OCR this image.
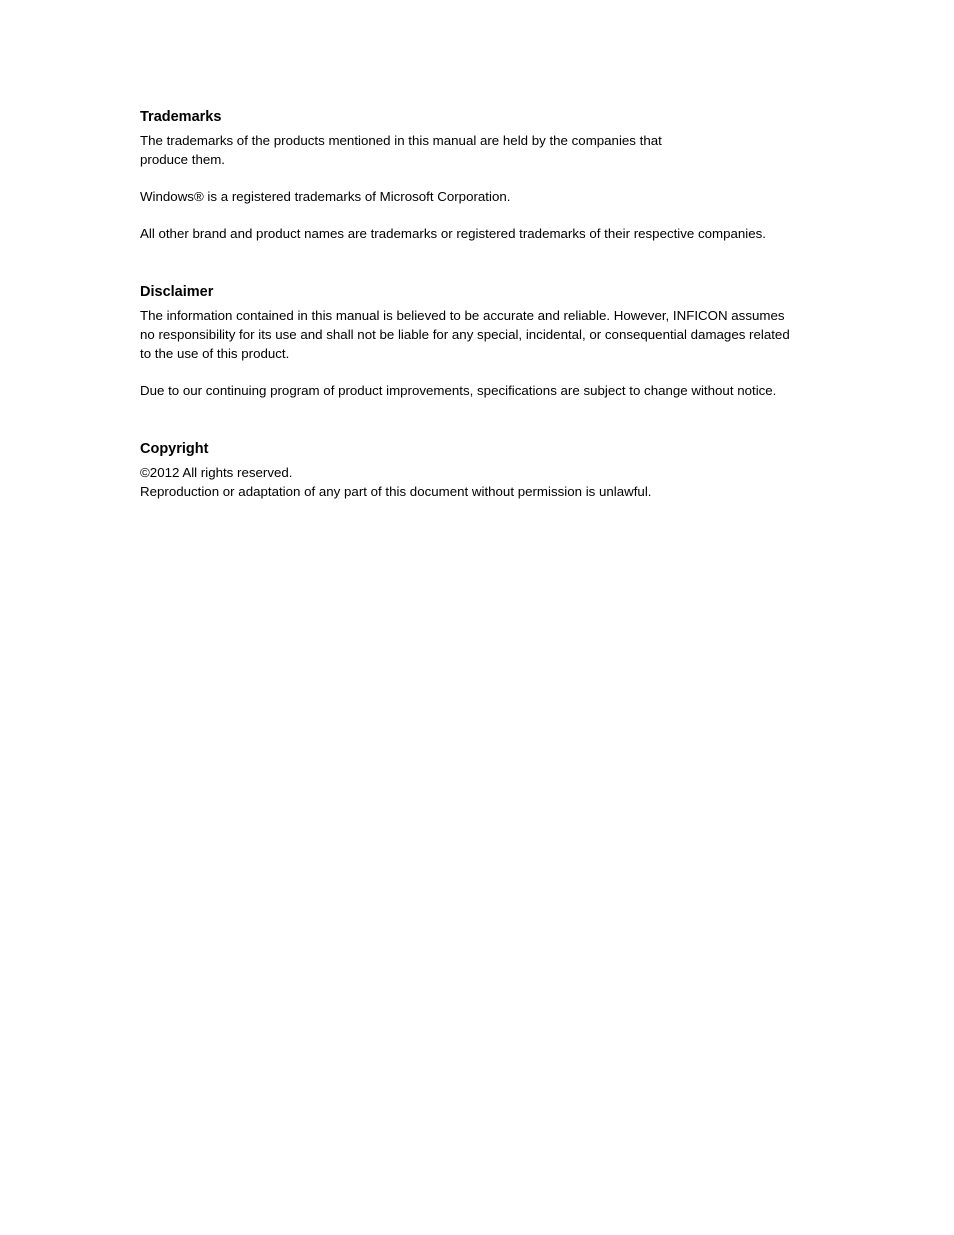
Trademarks

The trademarks of the products mentioned in this manual are held by the companies that
produce them.

Windows® is a registered trademarks of Microsoft Corporation.

All other brand and product names are trademarks or registered trademarks of their respective companies.

Disclaimer

The information contained in this manual is believed to be accurate and reliable. However, INFICON assumes
no responsibility for its use and shall not be liable for any special, incidental, or consequential damages related
to the use of this product.

Due to our continuing program of product improvements, specifications are subject to change without notice.

Copyright

©2012 All rights reserved.
Reproduction or adaptation of any part of this document without permission is unlawful.
